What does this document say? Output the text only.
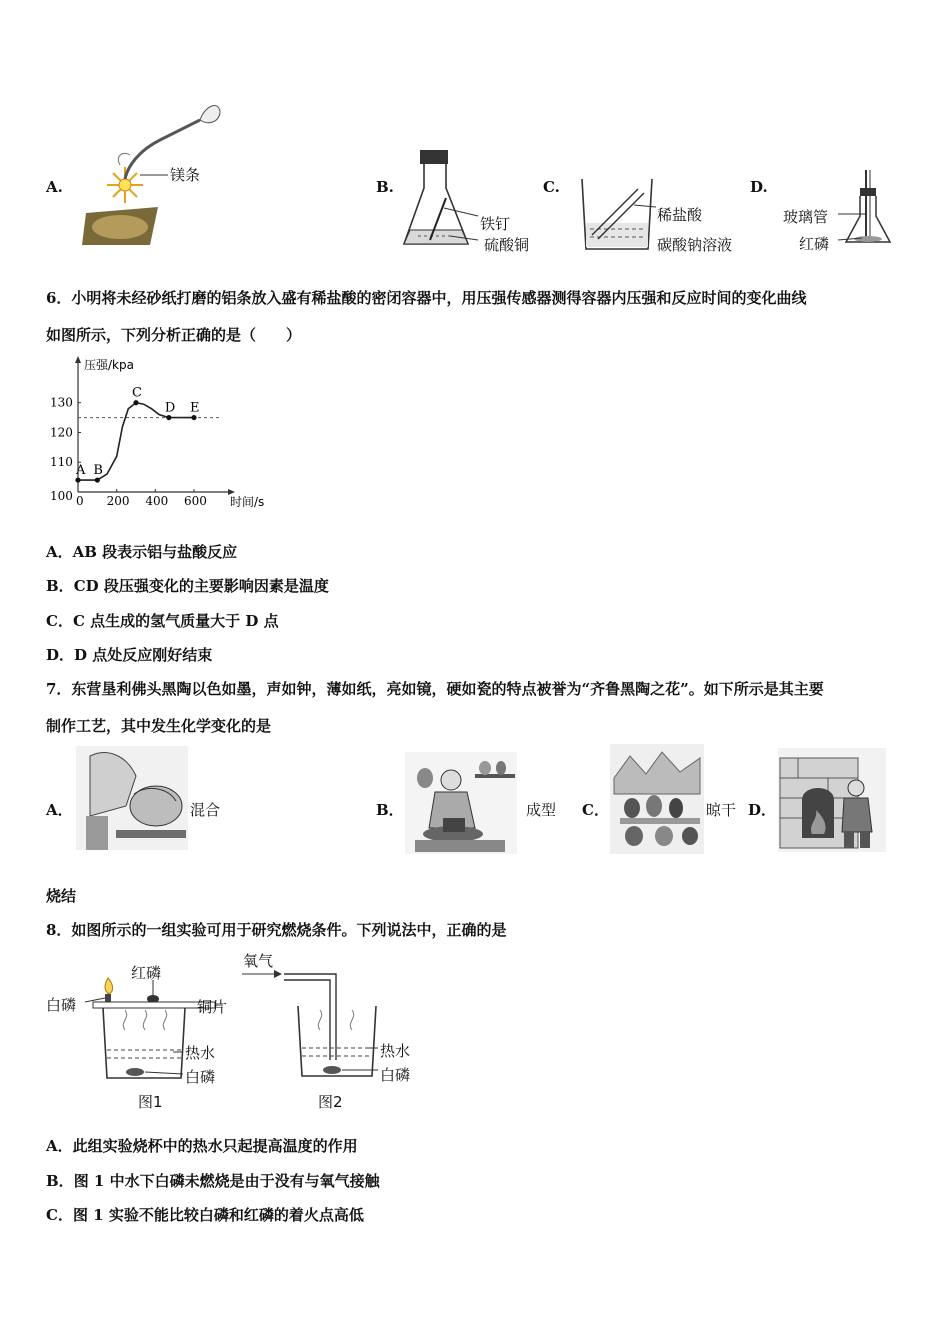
A.
镁条
B.
铁钉
硫酸铜
C.
稀盐酸
碳酸钠溶液
D.
玻璃管
红磷
6．小明将未经砂纸打磨的铝条放入盛有稀盐酸的密闭容器中，用压强传感器测得容器内压强和反应时间的变化曲线
如图所示，下列分析正确的是（　　）
压强/kpa
时间/s
0 200 400 600
100
110
120
130
A B
C
D E
A．AB 段表示铝与盐酸反应
B．CD 段压强变化的主要影响因素是温度
C．C 点生成的氢气质量大于 D 点
D．D 点处反应刚好结束
7．东营垦利佛头黑陶以色如墨，声如钟，薄如纸，亮如镜，硬如瓷的特点被誉为“齐鲁黑陶之花”。如下所示是其主要
制作工艺，其中发生化学变化的是
A．	混合	B．	成型 C．	晾干 D．
烧结
8．如图所示的一组实验可用于研究燃烧条件。下列说法中，正确的是
红磷
白磷	铜片
热水
白磷
图1
氧气
热水
白磷
图2
A．此组实验烧杯中的热水只起提高温度的作用
B．图 1 中水下白磷未燃烧是由于没有与氧气接触
C．图 1 实验不能比较白磷和红磷的着火点高低
